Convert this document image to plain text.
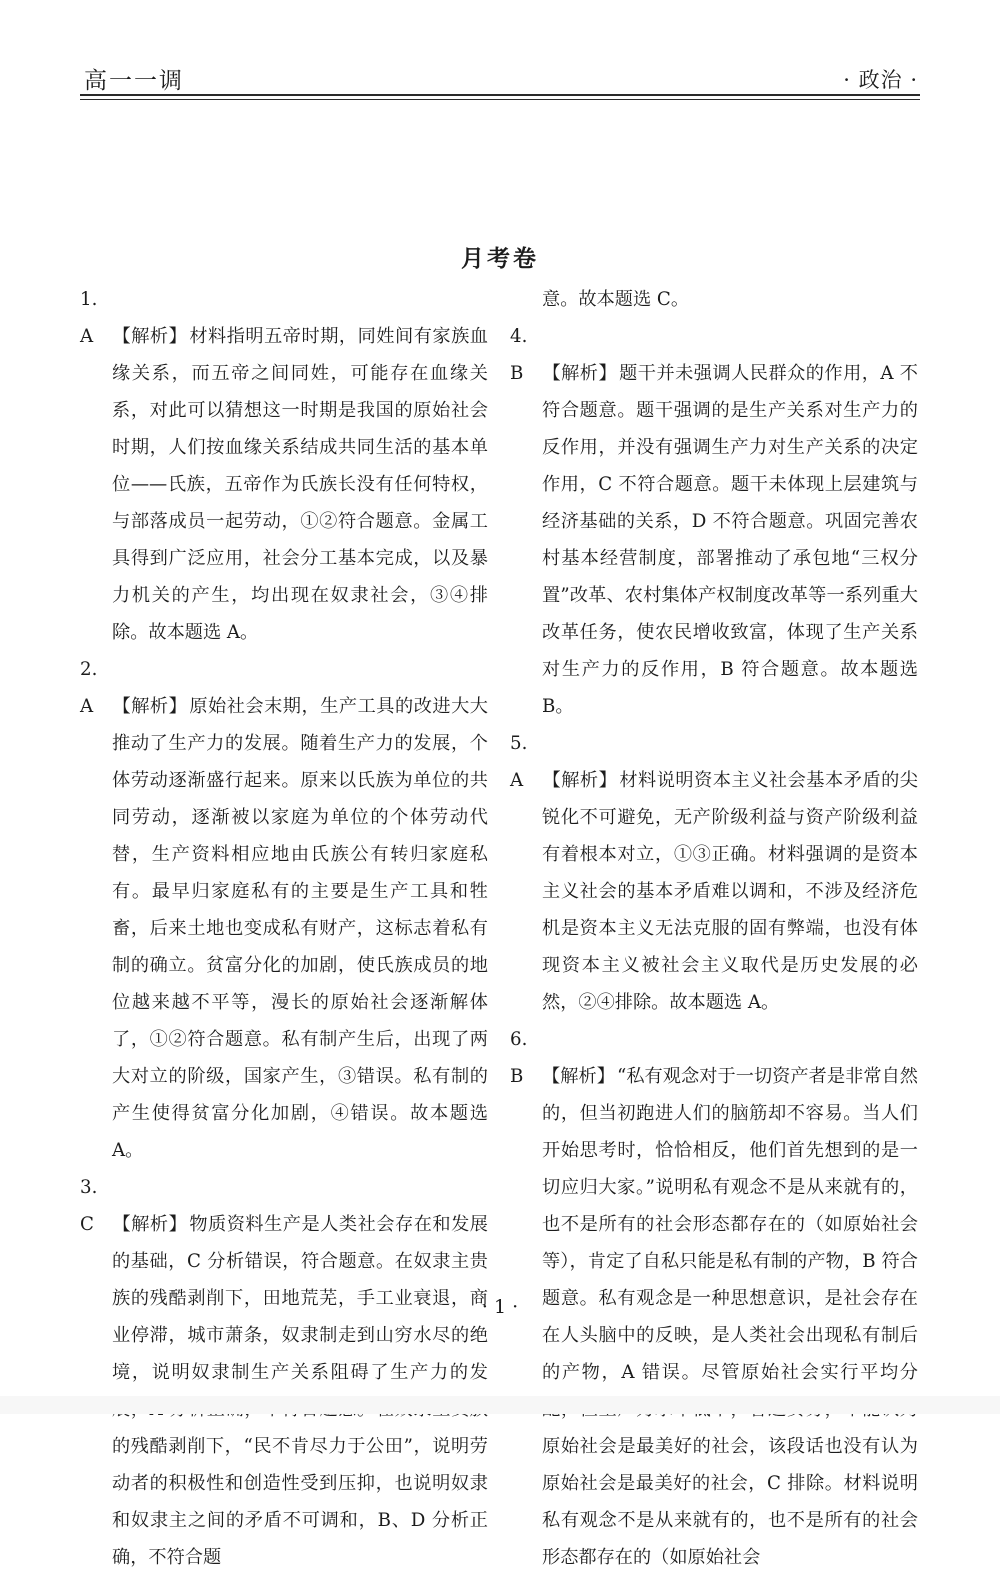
高一一调	· 政治 ·
月考卷

1. A 【解析】 材料指明五帝时期，同姓间有家族血缘关系，而五帝之间同姓，可能存在血缘关系，对此可以猜想这一时期是我国的原始社会时期，人们按血缘关系结成共同生活的基本单位——氏族，五帝作为氏族长没有任何特权，与部落成员一起劳动，①②符合题意。金属工具得到广泛应用，社会分工基本完成，以及暴力机关的产生，均出现在奴隶社会，③④排除。故本题选 A。

2. A 【解析】 原始社会末期，生产工具的改进大大推动了生产力的发展。随着生产力的发展，个体劳动逐渐盛行起来。原来以氏族为单位的共同劳动，逐渐被以家庭为单位的个体劳动代替，生产资料相应地由氏族公有转归家庭私有。最早归家庭私有的主要是生产工具和牲畜，后来土地也变成私有财产，这标志着私有制的确立。贫富分化的加剧，使氏族成员的地位越来越不平等，漫长的原始社会逐渐解体了，①②符合题意。私有制产生后，出现了两大对立的阶级，国家产生，③错误。私有制的产生使得贫富分化加剧，④错误。故本题选 A。

3. C 【解析】 物质资料生产是人类社会存在和发展的基础，C 分析错误，符合题意。在奴隶主贵族的残酷剥削下，田地荒芜，手工业衰退，商业停滞，城市萧条，奴隶制走到山穷水尽的绝境，说明奴隶制生产关系阻碍了生产力的发 的残酷剥削下，“民不肯尽力于公田”，说明劳动者的积极性和创造性受到压抑，也说明奴隶和奴隶主之间的矛盾不可调和，B、D 分析正确，不符合题

意。故本题选 C。

4. B 【解析】 题干并未强调人民群众的作用，A 不符合题意。题干强调的是生产关系对生产力的反作用，并没有强调生产力对生产关系的决定作用，C 不符合题意。题干未体现上层建筑与经济基础的关系，D 不符合题意。巩固完善农村基本经营制度，部署推动了承包地“三权分置”改革、农村集体产权制度改革等一系列重大改革任务，使农民增收致富，体现了生产关系对生产力的反作用，B 符合题意。故本题选 B。

5. A 【解析】 材料说明资本主义社会基本矛盾的尖锐化不可避免，无产阶级利益与资产阶级利益有着根本对立，①③正确。材料强调的是资本主义社会的基本矛盾难以调和，不涉及经济危机是资本主义无法克服的固有弊端，也没有体现资本主义被社会主义取代是历史发展的必然，②④排除。故本题选 A。

6. B 【解析】 “私有观念对于一切资产者是非常自然的，但当初跑进人们的脑筋却不容易。当人们开始思考时，恰恰相反，他们首先想到的是一切应归大家。”说明私有观念不是从来就有的，也不是所有的社会形态都存在的（如原始社会等），肯定了自私只能是私有制的产物，B 符合题意。私有观念是一种思想意识，是社会存在在人头脑中的反映，是人类社会出现私有制后的产物，A 错误。尽管原始社会实行平均分 原始社会是最美好的社会，该段话也没有认为原始社会是最美好的社会，C 排除。材料说明私有观念不是从来就有的，也不是所有的社会形态都存在的（如原始社会

· 1 ·
